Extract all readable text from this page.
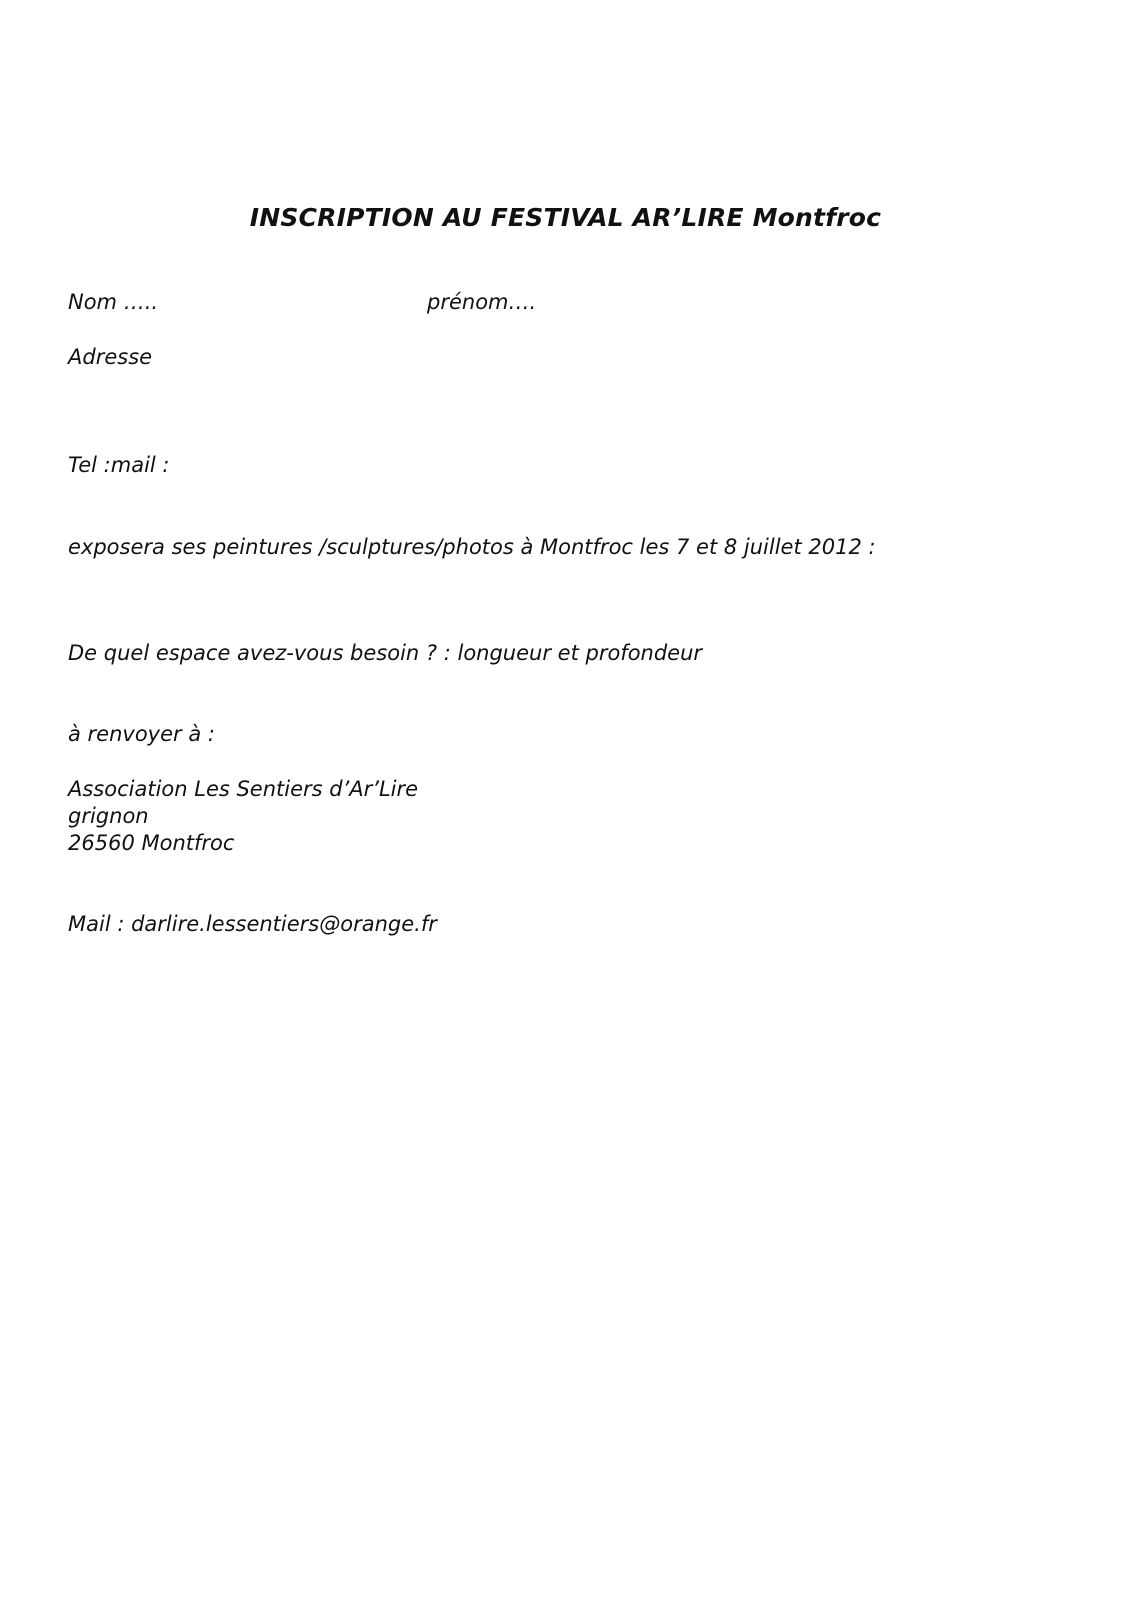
INSCRIPTION AU FESTIVAL AR’LIRE Montfroc
Nom …..	prénom….
Adresse
Tel :mail :
exposera ses peintures /sculptures/photos à Montfroc les 7 et 8 juillet 2012 :
De quel espace avez-vous besoin ? : longueur et profondeur
à renvoyer à :
Association Les Sentiers d’Ar’Lire
grignon
26560 Montfroc
Mail : darlire.lessentiers@orange.fr
